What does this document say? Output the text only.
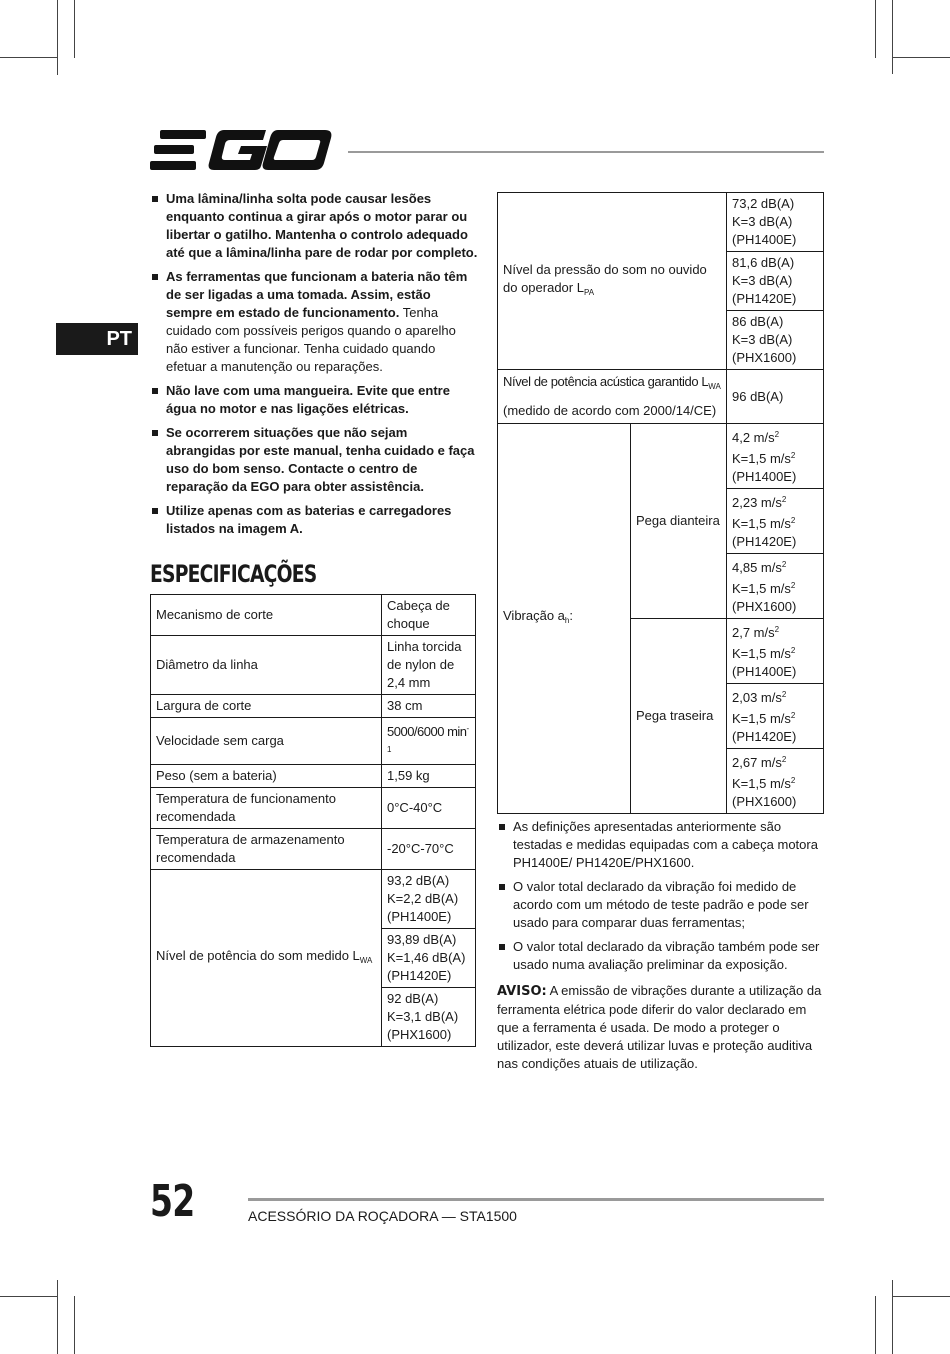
PT
Uma lâmina/linha solta pode causar lesões enquanto continua a girar após o motor parar ou libertar o gatilho. Mantenha o controlo adequado até que a lâmina/linha pare de rodar por completo.
As ferramentas que funcionam a bateria não têm de ser ligadas a uma tomada. Assim, estão sempre em estado de funcionamento. Tenha cuidado com possíveis perigos quando o aparelho não estiver a funcionar. Tenha cuidado quando efetuar a manutenção ou reparações.
Não lave com uma mangueira. Evite que entre água no motor e nas ligações elétricas.
Se ocorrerem situações que não sejam abrangidas por este manual, tenha cuidado e faça uso do bom senso. Contacte o centro de reparação da EGO para obter assistência.
Utilize apenas com as baterias e carregadores listados na imagem A.
ESPECIFICAÇÕES
Mecanismo de corte	Cabeça de choque
Diâmetro da linha	Linha torcida de nylon de 2,4 mm
Largura de corte	38 cm
Velocidade sem carga	5000/6000 $\min^{-1}$
Peso (sem a bateria)	1,59 kg
Temperatura de funcionamento recomendada	0°C-40°C
Temperatura de armazenamento recomendada	-20°C-70°C
Nível de potência do som medido $L_{WA}$	93,2 dB(A)
K=2,2 dB(A)
(PH1400E)
	93,89 dB(A)
K=1,46 dB(A)
(PH1420E)
	92 dB(A)
K=3,1 dB(A)
(PHX1600)
Nível da pressão do som no ouvido do operador $L_{PA}$		73,2 dB(A)
K=3 dB(A)
(PH1400E)
		81,6 dB(A)
K=3 dB(A)
(PH1420E)
		86 dB(A)
K=3 dB(A)
(PHX1600)
Nível de potência acústica garantido $L_{WA}$
(medido de acordo com 2000/14/CE)		96 dB(A)
Vibração $a_h$:	Pega dianteira	4,2 $m/s^2$
K=1,5 $m/s^2$
(PH1400E)
		2,23 $m/s^2$
K=1,5 $m/s^2$
(PH1420E)
		4,85 $m/s^2$
K=1,5 $m/s^2$
(PHX1600)
	Pega traseira	2,7 $m/s^2$
K=1,5 $m/s^2$
(PH1400E)
		2,03 $m/s^2$
K=1,5 $m/s^2$
(PH1420E)
		2,67 $m/s^2$
K=1,5 $m/s^2$
(PHX1600)
As definições apresentadas anteriormente são testadas e medidas equipadas com a cabeça motora PH1400E/ PH1420E/PHX1600.
O valor total declarado da vibração foi medido de acordo com um método de teste padrão e pode ser usado para comparar duas ferramentas;
O valor total declarado da vibração também pode ser usado numa avaliação preliminar da exposição.
AVISO: A emissão de vibrações durante a utilização da ferramenta elétrica pode diferir do valor declarado em que a ferramenta é usada. De modo a proteger o utilizador, este deverá utilizar luvas e proteção auditiva nas condições atuais de utilização.
52	ACESSÓRIO DA ROÇADORA — STA1500
